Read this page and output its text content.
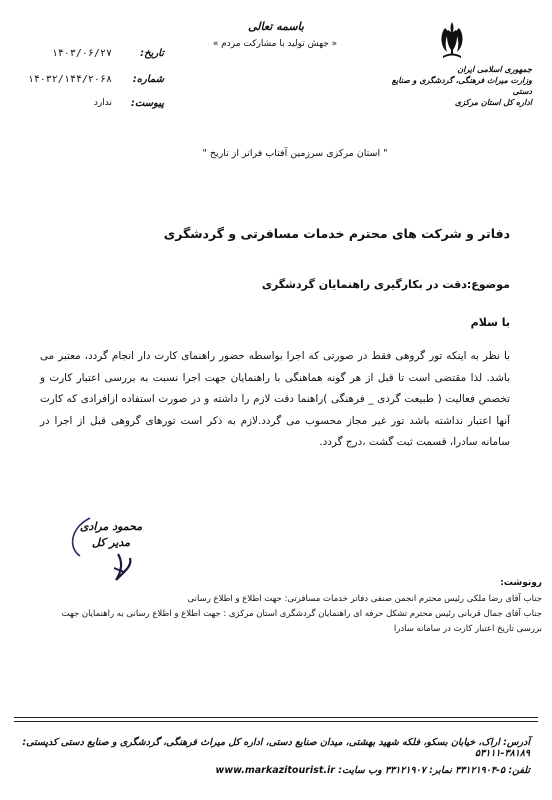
جمهوری اسلامی ایران
وزارت میراث فرهنگی، گردشگری و صنایع دستی
اداره کل استان مرکزی
باسمه تعالی
« جهش تولید با مشارکت مردم »
۱۴۰۳/۰۶/۲۷	تاریخ:
۱۴۰۳۲/۱۴۴/۲۰۶۸ شماره:
ندارد پیوست:
" استان مرکزی سرزمین آفتاب فراتر از تاریخ "
دفاتر و شرکت های محترم خدمات مسافرتی و گردشگری
موضوع:دقت در بکارگیری راهنمایان گردشگری
با سلام
با نظر به اینکه تور گروهی فقط در صورتی که اجرا بواسطه حضور راهنمای کارت دار انجام گردد، معتبر می باشد. لذا مقتضی است تا قبل از هر گونه هماهنگی با راهنمایان جهت اجرا نسبت به بررسی اعتبار کارت و تخصص فعالیت ( طبیعت گردی _ فرهنگی )راهنما دقت لازم را داشته و در صورت استفاده ازافرادی که کارت آنها اعتبار نداشته باشد تور غیر مجاز محسوب می گردد.لازم به ذکر است تورهای گروهی قبل از اجرا در سامانه سادرا، قسمت ثبت گشت ،درج گردد.
محمود مرادی
مدیر کل
رونوشت:
جناب آقای رضا ملکی رئیس محترم انجمن صنفی دفاتر خدمات مسافرتی: جهت اطلاع و اطلاع رسانی
جناب آقای جمال قربانی رئیس محترم تشکل حرفه ای راهنمایان گردشگری استان مرکزی : جهت اطلاع و اطلاع رسانی به راهنمایان جهت بررسی تاریخ اعتبار کارت در سامانه سادرا
آدرس: اراک، خیابان بسکو، فلکه شهید بهشتی، میدان صنایع دستی، اداره کل میراث فرهنگی، گردشگری و صنایع دستی کدپستی: ۳۸۱۸۹-۵۳۱۱۱
تلفن: ۵-۳۳۱۲۱۹۰۴ نمابر: ۳۳۱۲۱۹۰۷ وب سایت: www.markazitourist.ir
